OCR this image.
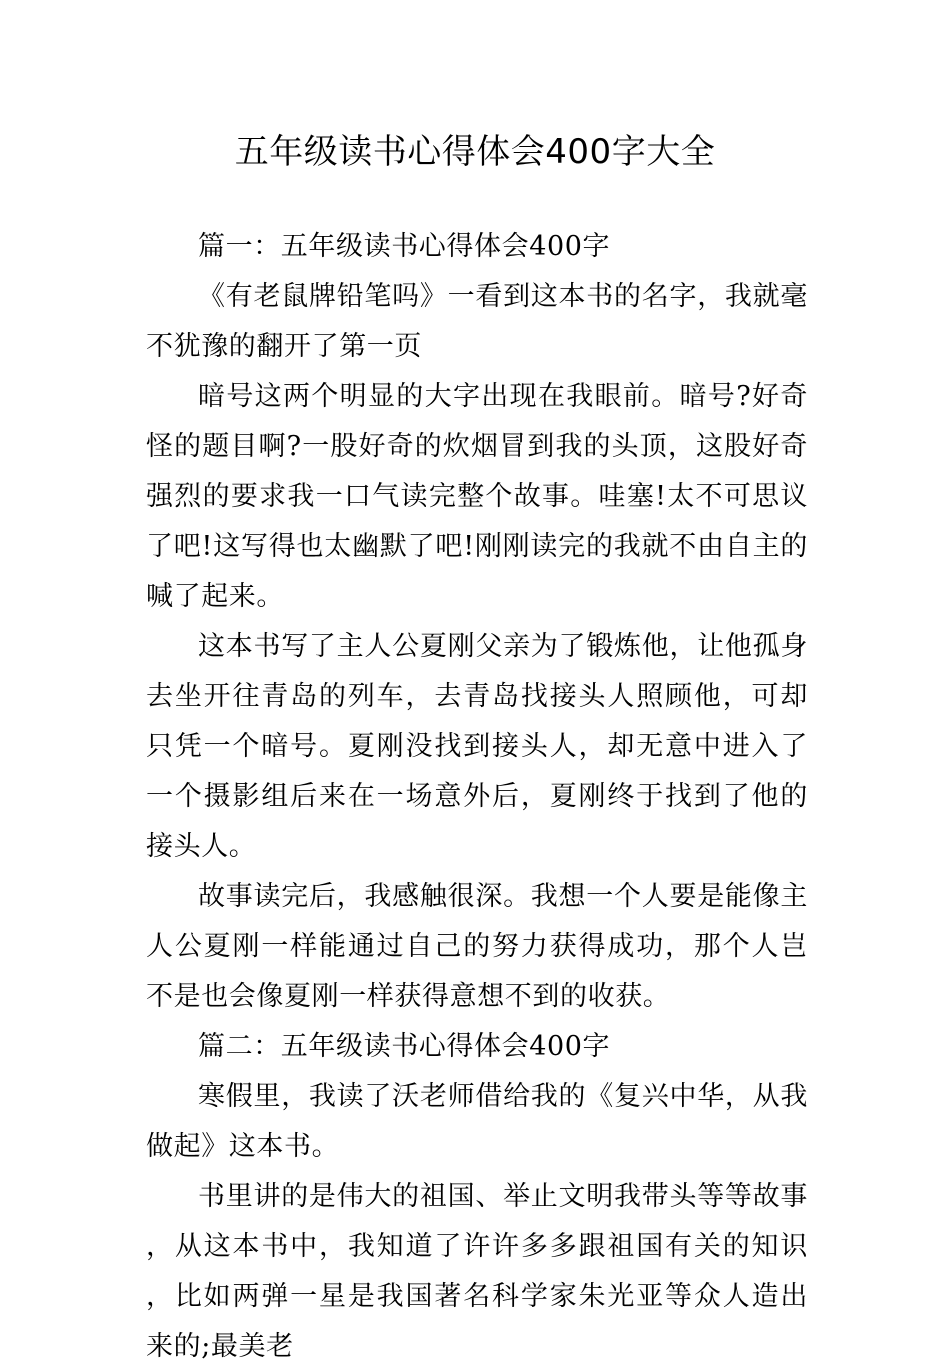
五年级读书心得体会400字大全

篇一：五年级读书心得体会400字

《有老鼠牌铅笔吗》一看到这本书的名字，我就毫不犹豫的翻开了第一页

暗号这两个明显的大字出现在我眼前。暗号?好奇怪的题目啊?一股好奇的炊烟冒到我的头顶，这股好奇强烈的要求我一口气读完整个故事。哇塞!太不可思议了吧!这写得也太幽默了吧!刚刚读完的我就不由自主的喊了起来。

这本书写了主人公夏刚父亲为了锻炼他，让他孤身去坐开往青岛的列车，去青岛找接头人照顾他，可却只凭一个暗号。夏刚没找到接头人，却无意中进入了一个摄影组后来在一场意外后，夏刚终于找到了他的接头人。

故事读完后，我感触很深。我想一个人要是能像主人公夏刚一样能通过自己的努力获得成功，那个人岂不是也会像夏刚一样获得意想不到的收获。

篇二：五年级读书心得体会400字

寒假里，我读了沃老师借给我的《复兴中华，从我做起》这本书。

书里讲的是伟大的祖国、举止文明我带头等等故事，从这本书中，我知道了许许多多跟祖国有关的知识，比如两弹一星是我国著名科学家朱光亚等众人造出来的;最美老
